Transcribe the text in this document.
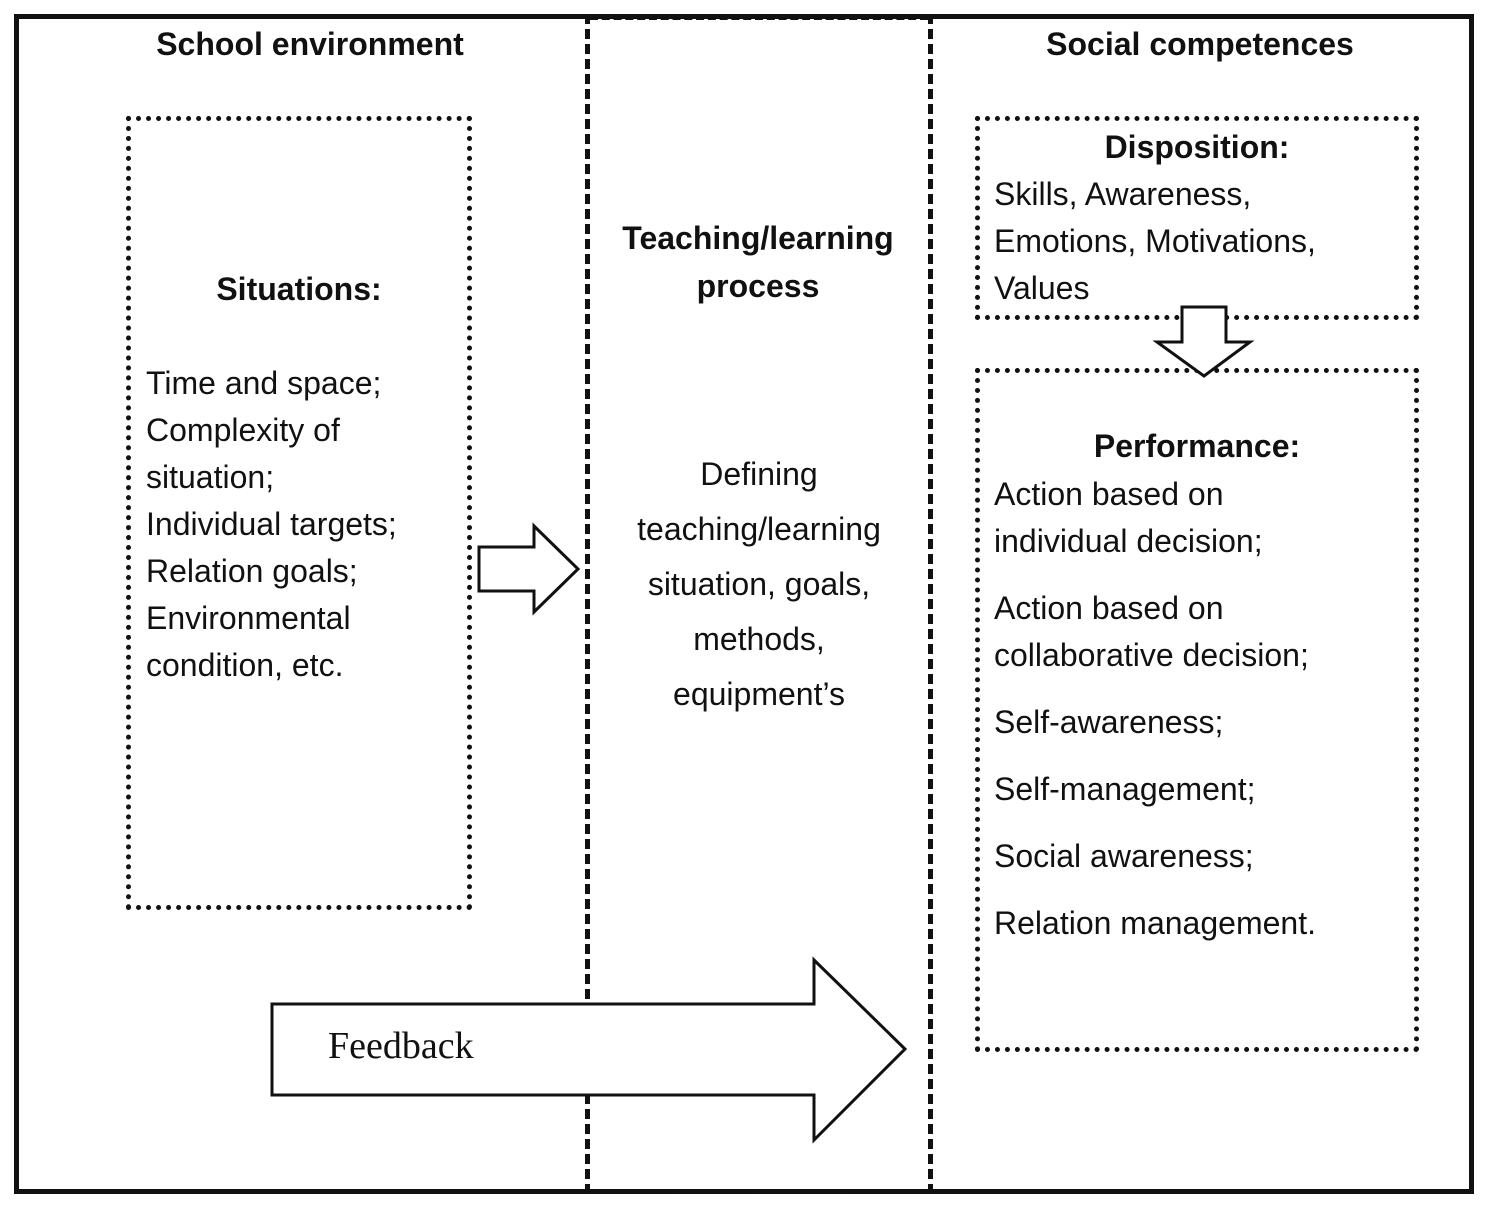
School environment
Teaching/learning process
Social competences
Situations:
Time and space;
Complexity of
situation;
Individual targets;
Relation goals;
Environmental
condition, etc.
Defining
teaching/learning
situation, goals,
methods,
equipment’s
Disposition:
Skills, Awareness,
Emotions, Motivations,
Values
Performance:
Action based on
individual decision;
Action based on
collaborative decision;
Self-awareness;
Self-management;
Social awareness;
Relation management.
Feedback
